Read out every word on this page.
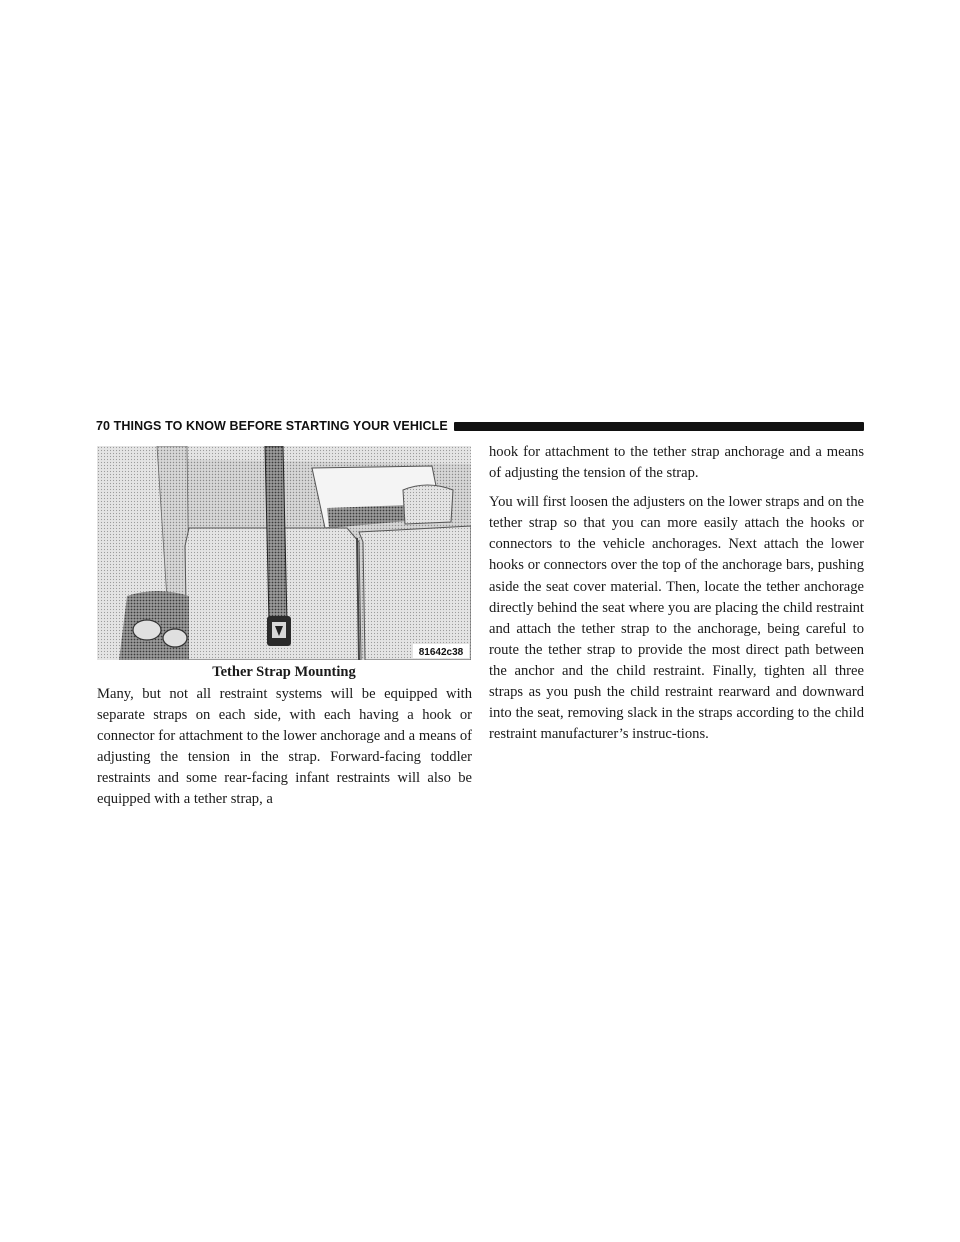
70 THINGS TO KNOW BEFORE STARTING YOUR VEHICLE
81642c38
Tether Strap Mounting

Many, but not all restraint systems will be equipped with separate straps on each side, with each having a hook or connector for attachment to the lower anchorage and a means of adjusting the tension in the strap. Forward-facing toddler restraints and some rear-facing infant restraints will also be equipped with a tether strap, a

hook for attachment to the tether strap anchorage and a means of adjusting the tension of the strap.

You will first loosen the adjusters on the lower straps and on the tether strap so that you can more easily attach the hooks or connectors to the vehicle anchorages. Next attach the lower hooks or connectors over the top of the anchorage bars, pushing aside the seat cover material. Then, locate the tether anchorage directly behind the seat where you are placing the child restraint and attach the tether strap to the anchorage, being careful to route the tether strap to provide the most direct path between the anchor and the child restraint. Finally, tighten all three straps as you push the child restraint rearward and downward into the seat, removing slack in the straps according to the child restraint manufacturer’s instruc-tions.
